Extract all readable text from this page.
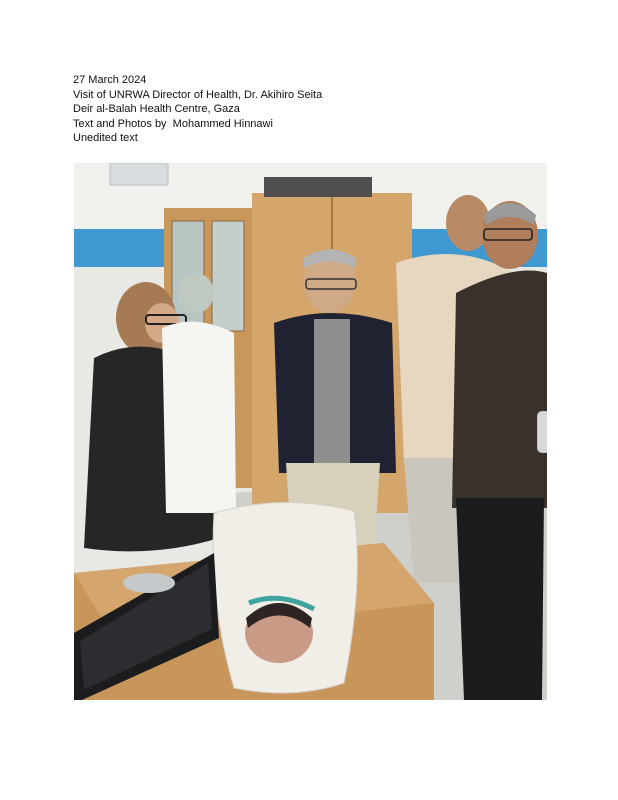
27 March 2024
Visit of UNRWA Director of Health, Dr. Akihiro Seita
Deir al-Balah Health Centre, Gaza
Text and Photos by  Mohammed Hinnawi
Unedited text
